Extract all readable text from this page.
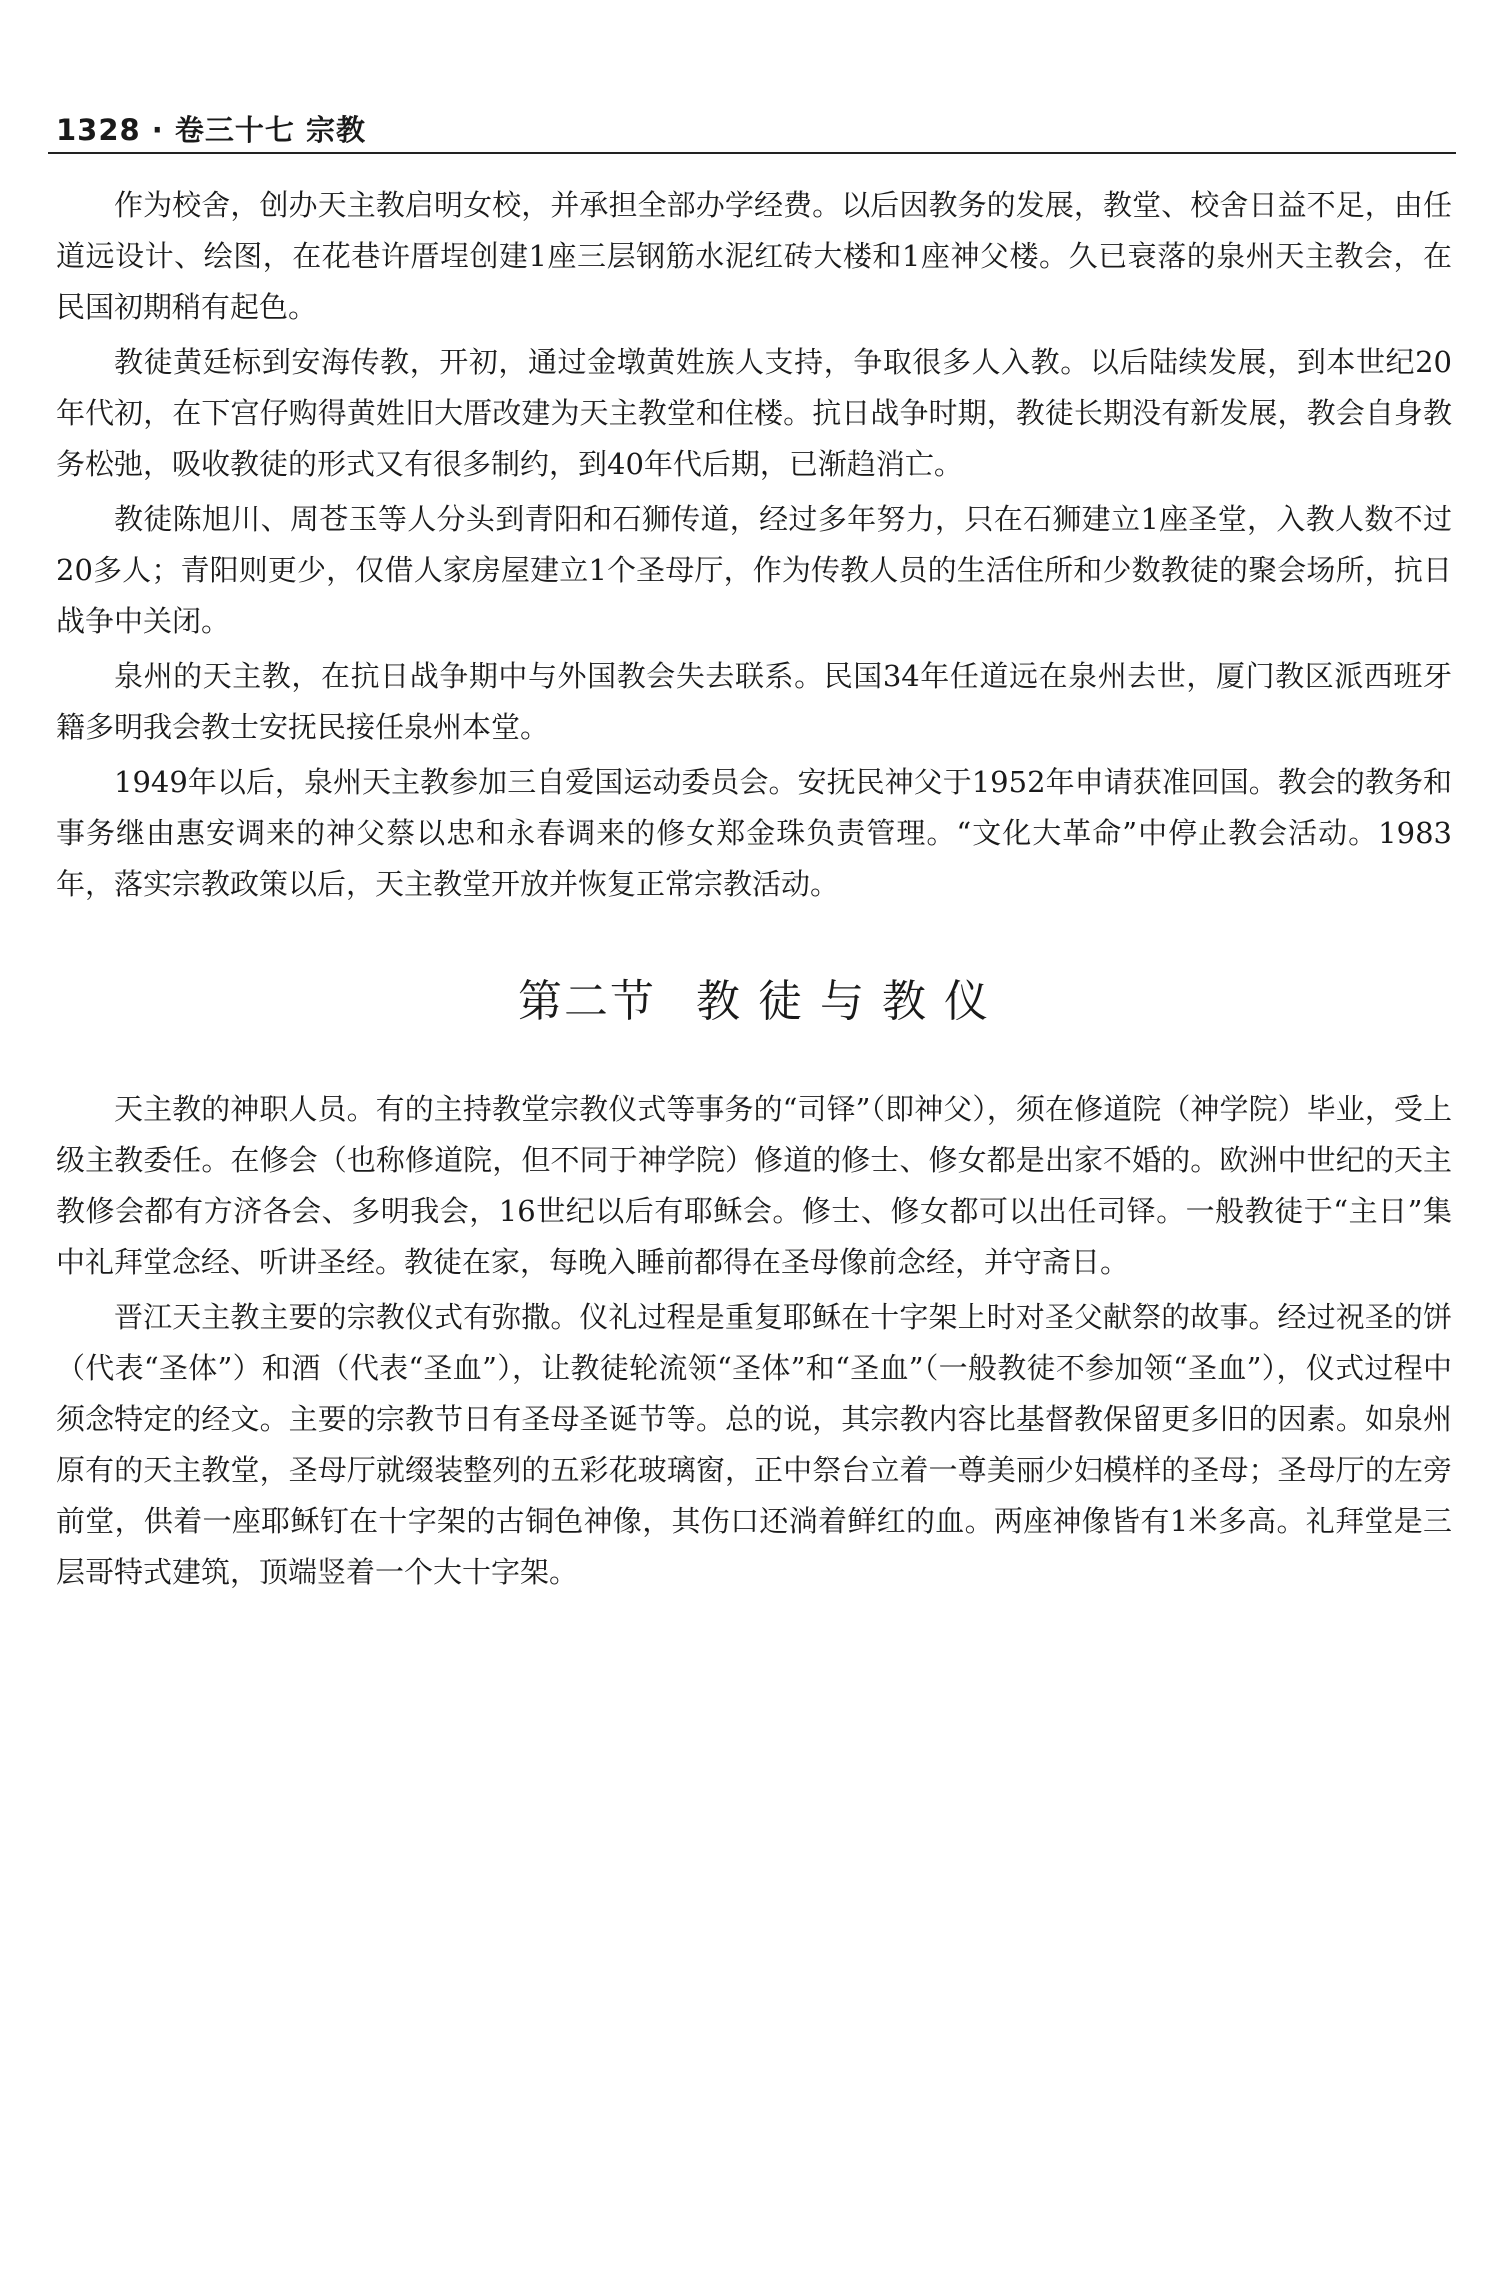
1328 · 卷三十七 宗教

作为校舍，创办天主教启明女校，并承担全部办学经费。以后因教务的发展，教堂、校舍日益不足，由任道远设计、绘图，在花巷许厝埕创建1座三层钢筋水泥红砖大楼和1座神父楼。久已衰落的泉州天主教会，在民国初期稍有起色。

教徒黄廷标到安海传教，开初，通过金墩黄姓族人支持，争取很多人入教。以后陆续发展，到本世纪20年代初，在下宫仔购得黄姓旧大厝改建为天主教堂和住楼。抗日战争时期，教徒长期没有新发展，教会自身教务松弛，吸收教徒的形式又有很多制约，到40年代后期，已渐趋消亡。

教徒陈旭川、周苍玉等人分头到青阳和石狮传道，经过多年努力，只在石狮建立1座圣堂，入教人数不过20多人；青阳则更少，仅借人家房屋建立1个圣母厅，作为传教人员的生活住所和少数教徒的聚会场所，抗日战争中关闭。

泉州的天主教，在抗日战争期中与外国教会失去联系。民国34年任道远在泉州去世，厦门教区派西班牙籍多明我会教士安抚民接任泉州本堂。

1949年以后，泉州天主教参加三自爱国运动委员会。安抚民神父于1952年申请获准回国。教会的教务和事务继由惠安调来的神父蔡以忠和永春调来的修女郑金珠负责管理。“文化大革命”中停止教会活动。1983年，落实宗教政策以后，天主教堂开放并恢复正常宗教活动。

第二节 教 徒 与 教 仪

天主教的神职人员。有的主持教堂宗教仪式等事务的“司铎”（即神父），须在修道院（神学院）毕业，受上级主教委任。在修会（也称修道院，但不同于神学院）修道的修士、修女都是出家不婚的。欧洲中世纪的天主教修会都有方济各会、多明我会，16世纪以后有耶稣会。修士、修女都可以出任司铎。一般教徒于“主日”集中礼拜堂念经、听讲圣经。教徒在家，每晚入睡前都得在圣母像前念经，并守斋日。

晋江天主教主要的宗教仪式有弥撒。仪礼过程是重复耶稣在十字架上时对圣父献祭的故事。经过祝圣的饼（代表“圣体”）和酒（代表“圣血”），让教徒轮流领“圣体”和“圣血”（一般教徒不参加领“圣血”），仪式过程中须念特定的经文。主要的宗教节日有圣母圣诞节等。总的说，其宗教内容比基督教保留更多旧的因素。如泉州原有的天主教堂，圣母厅就缀装整列的五彩花玻璃窗，正中祭台立着一尊美丽少妇模样的圣母；圣母厅的左旁前堂，供着一座耶稣钉在十字架的古铜色神像，其伤口还淌着鲜红的血。两座神像皆有1米多高。礼拜堂是三层哥特式建筑，顶端竖着一个大十字架。
